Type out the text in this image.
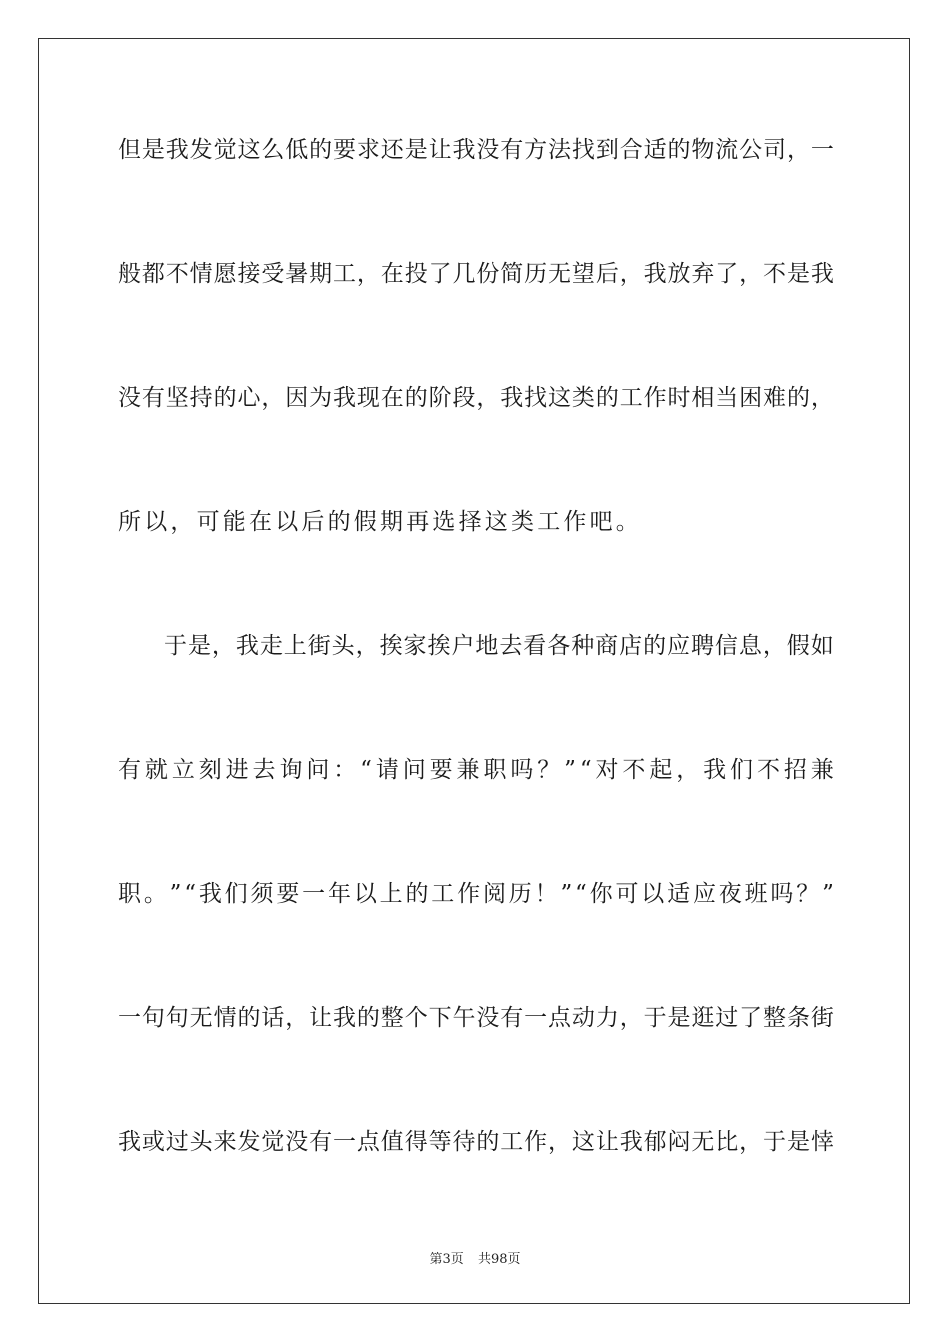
但 是 我 发 觉 这 么 低 的 要 求 还 是 让 我 没 有 方 法 找 到 合 适 的 物 流 公 司 ， 一
般 都 不 情 愿 接 受 暑 期 工 ， 在 投 了 几 份 简 历 无 望 后 ， 我 放 弃 了 ， 不 是 我
没 有 坚 持 的 心 ， 因 为 我 现 在 的 阶 段 ， 我 找 这 类 的 工 作 时 相 当 困 难 的 ，
所以，可能在以后的假期再选择这类工作吧。
于 是 ， 我 走 上 街 头 ， 挨 家 挨 户 地 去 看 各 种 商 店 的 应 聘 信 息 ， 假 如
有 就 立 刻 进 去 询 问 ： “ 请 问 要 兼 职 吗 ？ ” “ 对 不 起 ， 我 们 不 招 兼
职 。 ” “ 我 们 须 要 一 年 以 上 的 工 作 阅 历 ！ ” “ 你 可 以 适 应 夜 班 吗 ？ ”
一 句 句 无 情 的 话 ， 让 我 的 整 个 下 午 没 有 一 点 动 力 ， 于 是 逛 过 了 整 条 街
我 或 过 头 来 发 觉 没 有 一 点 值 得 等 待 的 工 作 ， 这 让 我 郁 闷 无 比 ， 于 是 悻
第3页 共98页
